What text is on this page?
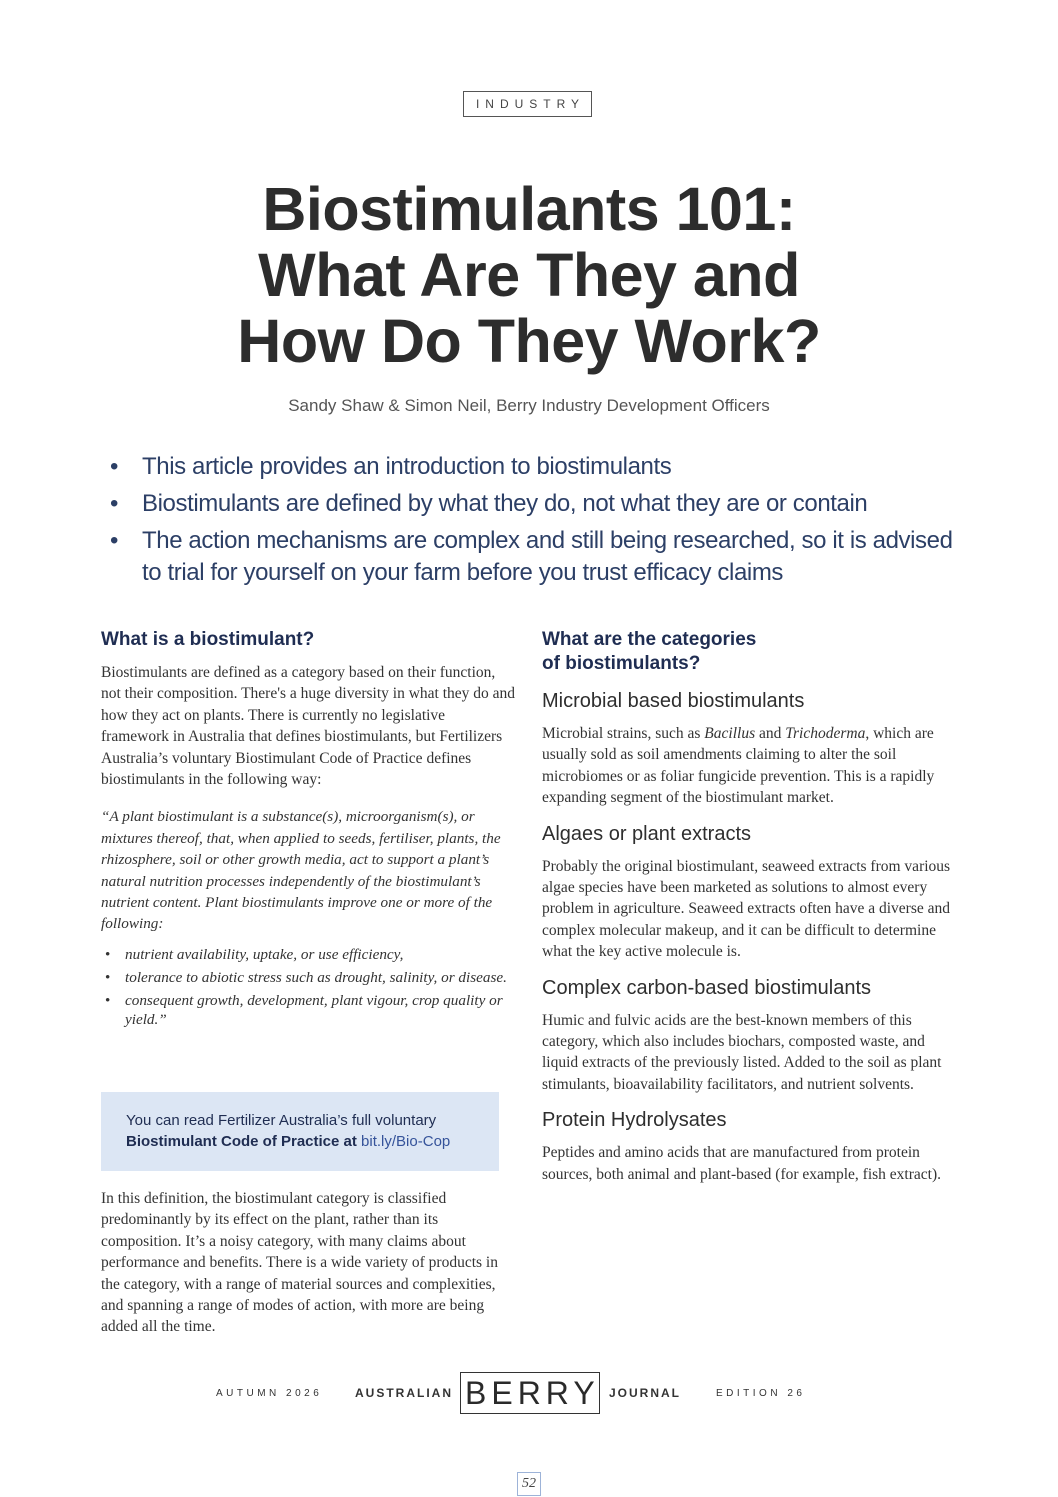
INDUSTRY
Biostimulants 101:
What Are They and
How Do They Work?
Sandy Shaw & Simon Neil, Berry Industry Development Officers
• This article provides an introduction to biostimulants
• Biostimulants are defined by what they do, not what they are or contain
• The action mechanisms are complex and still being researched, so it is advised to trial for yourself on your farm before you trust efficacy claims
What is a biostimulant?

Biostimulants are defined as a category based on their function, not their composition. There's a huge diversity in what they do and how they act on plants. There is currently no legislative framework in Australia that defines biostimulants, but Fertilizers Australia’s voluntary Biostimulant Code of Practice defines biostimulants in the following way:

“A plant biostimulant is a substance(s), microorganism(s), or mixtures thereof, that, when applied to seeds, fertiliser, plants, the rhizosphere, soil or other growth media, act to support a plant’s natural nutrition processes independently of the biostimulant’s nutrient content. Plant biostimulants improve one or more of the following:

• nutrient availability, uptake, or use efficiency,
• tolerance to abiotic stress such as drought, salinity, or disease.
• consequent growth, development, plant vigour, crop quality or yield.”
You can read Fertilizer Australia’s full voluntary
Biostimulant Code of Practice at bit.ly/Bio-Cop

In this definition, the biostimulant category is classified predominantly by its effect on the plant, rather than its composition. It’s a noisy category, with many claims about performance and benefits. There is a wide variety of products in the category, with a range of material sources and complexities, and spanning a range of modes of action, with more are being added all the time.

What are the categories
of biostimulants?
Microbial based biostimulants

Microbial strains, such as Bacillus and Trichoderma, which are usually sold as soil amendments claiming to alter the soil microbiomes or as foliar fungicide prevention. This is a rapidly expanding segment of the biostimulant market.

Algaes or plant extracts

Probably the original biostimulant, seaweed extracts from various algae species have been marketed as solutions to almost every problem in agriculture. Seaweed extracts often have a diverse and complex molecular makeup, and it can be difficult to determine what the key active molecule is.

Complex carbon-based biostimulants

Humic and fulvic acids are the best-known members of this category, which also includes biochars, composted waste, and liquid extracts of the previously listed. Added to the soil as plant stimulants, bioavailability facilitators, and nutrient solvents.

Protein Hydrolysates

Peptides and amino acids that are manufactured from protein sources, both animal and plant-based (for example, fish extract).

AUTUMN 2026	AUSTRALIAN BERRY JOURNAL	EDITION 26
52
